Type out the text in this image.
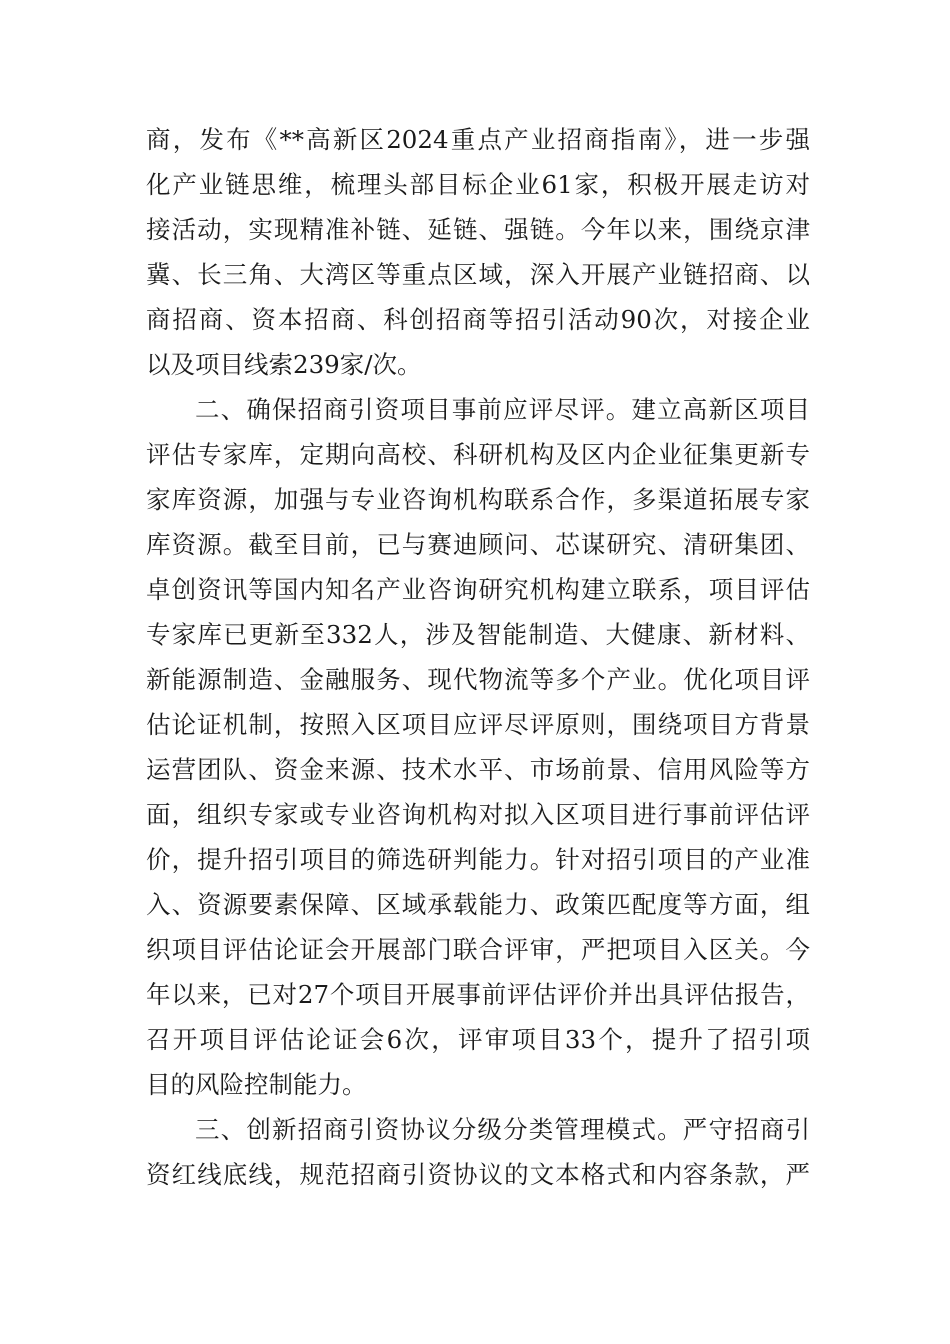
商，发布《**高新区2024重点产业招商指南》，进一步强
化产业链思维，梳理头部目标企业61家，积极开展走访对
接活动，实现精准补链、延链、强链。今年以来，围绕京津
冀、长三角、大湾区等重点区域，深入开展产业链招商、以
商招商、资本招商、科创招商等招引活动90次，对接企业
以及项目线索239家/次。
二、确保招商引资项目事前应评尽评。建立高新区项目
评估专家库，定期向高校、科研机构及区内企业征集更新专
家库资源，加强与专业咨询机构联系合作，多渠道拓展专家
库资源。截至目前，已与赛迪顾问、芯谋研究、清研集团、
卓创资讯等国内知名产业咨询研究机构建立联系，项目评估
专家库已更新至332人，涉及智能制造、大健康、新材料、
新能源制造、金融服务、现代物流等多个产业。优化项目评
估论证机制，按照入区项目应评尽评原则，围绕项目方背景
运营团队、资金来源、技术水平、市场前景、信用风险等方
面，组织专家或专业咨询机构对拟入区项目进行事前评估评
价，提升招引项目的筛选研判能力。针对招引项目的产业准
入、资源要素保障、区域承载能力、政策匹配度等方面，组
织项目评估论证会开展部门联合评审，严把项目入区关。今
年以来，已对27个项目开展事前评估评价并出具评估报告，
召开项目评估论证会6次，评审项目33个，提升了招引项
目的风险控制能力。
三、创新招商引资协议分级分类管理模式。严守招商引
资红线底线，规范招商引资协议的文本格式和内容条款，严
